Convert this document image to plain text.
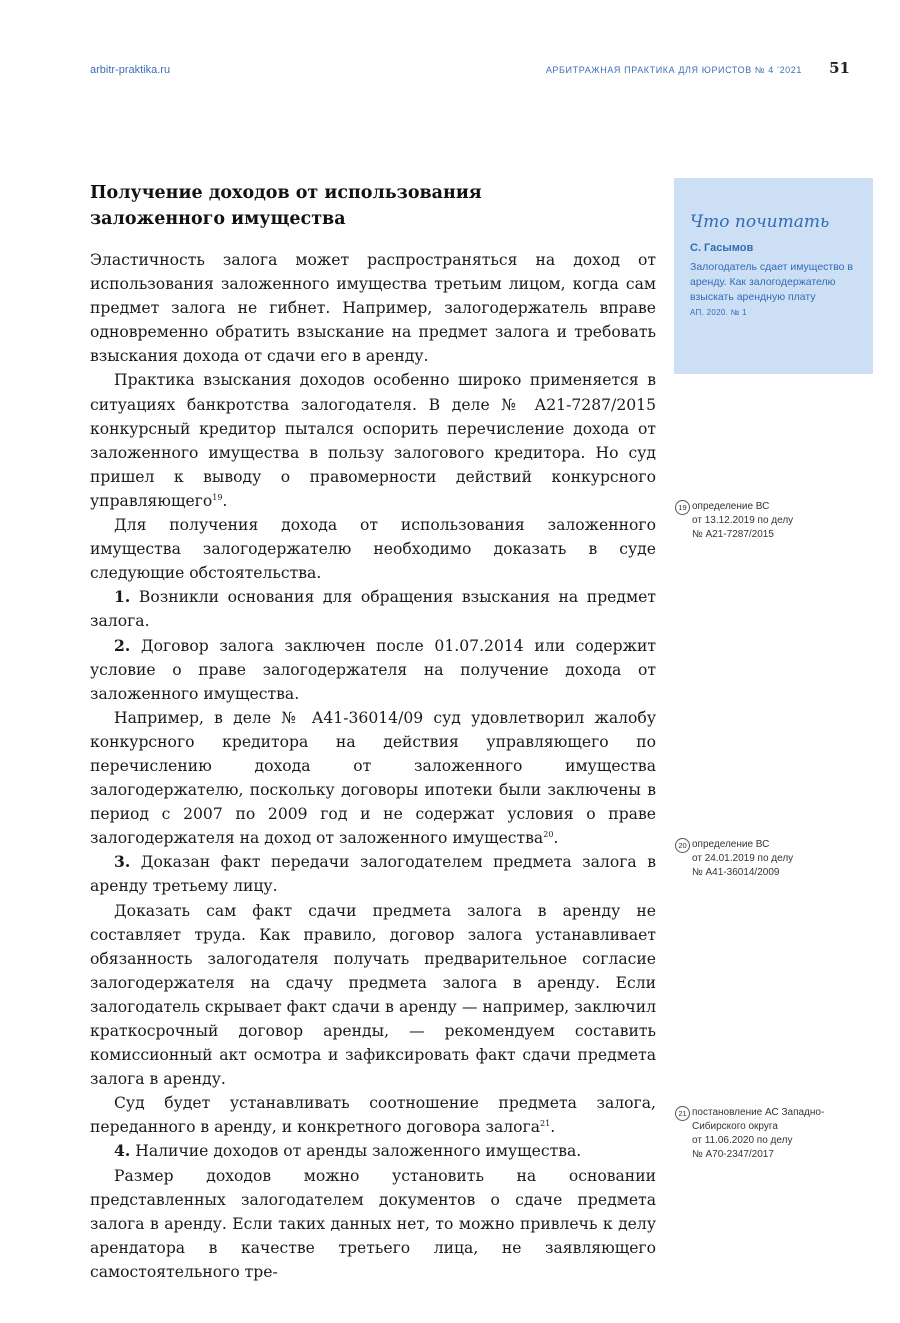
arbitr-praktika.ru	АРБИТРАЖНАЯ ПРАКТИКА ДЛЯ ЮРИСТОВ № 4 ’2021 51
Получение доходов от использования заложенного имущества

Эластичность залога может распространяться на доход от использования заложенного имущества третьим лицом, когда сам предмет залога не гибнет. Например, залогодержатель вправе одновременно обратить взыскание на предмет залога и требовать взыскания дохода от сдачи его в аренду.

Практика взыскания доходов особенно широко применяется в ситуациях банкротства залогодателя. В деле № А21-7287/2015 конкурсный кредитор пытался оспорить перечисление дохода от заложенного имущества в пользу залогового кредитора. Но суд пришел к выводу о правомерности действий конкурсного управляющего$^{19}$.

Для получения дохода от использования заложенного имущества залогодержателю необходимо доказать в суде следующие обстоятельства.

1. Возникли основания для обращения взыскания на предмет залога.

2. Договор залога заключен после 01.07.2014 или содержит условие о праве залогодержателя на получение дохода от заложенного имущества.

Например, в деле № А41-36014/09 суд удовлетворил жалобу конкурсного кредитора на действия управляющего по перечислению дохода от заложенного имущества залогодержателю, поскольку договоры ипотеки были заключены в период с 2007 по 2009 год и не содержат условия о праве залогодержателя на доход от заложенного имущества$^{20}$.

3. Доказан факт передачи залогодателем предмета залога в аренду третьему лицу.

Доказать сам факт сдачи предмета залога в аренду не составляет труда. Как правило, договор залога устанавливает обязанность залогодателя получать предварительное согласие залогодержателя на сдачу предмета залога в аренду. Если залогодатель скрывает факт сдачи в аренду — например, заключил краткосрочный договор аренды, — рекомендуем составить комиссионный акт осмотра и зафиксировать факт сдачи предмета залога в аренду.

Суд будет устанавливать соотношение предмета залога, переданного в аренду, и конкретного договора залога$^{21}$.

4. Наличие доходов от аренды заложенного имущества.

Размер доходов можно установить на основании представленных залогодателем документов о сдаче предмета залога в аренду. Если таких данных нет, то можно привлечь к делу арендатора в качестве третьего лица, не заявляющего самостоятельного тре-

Что почитать
С. Гасымов
Залогодатель сдает имущество в аренду. Как залогодержателю взыскать арендную плату
АП. 2020. № 1
19 определение ВС
от 13.12.2019 по делу
№ А21-7287/2015
20 определение ВС
от 24.01.2019 по делу
№ А41-36014/2009
21 постановление АС Западно-
Сибирского округа
от 11.06.2020 по делу
№ А70-2347/2017
